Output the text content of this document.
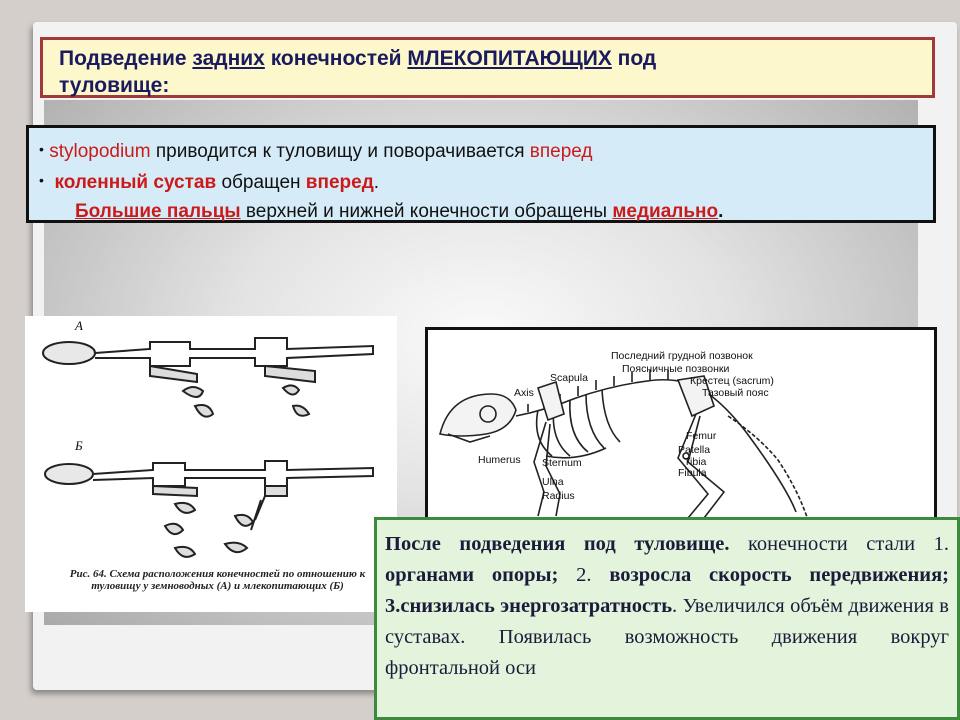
Подведение задних конечностей МЛЕКОПИТАЮЩИХ под
туловище:
• stylopodium приводится к туловищу и поворачивается вперед
• коленный сустав обращен вперед.
Большие пальцы верхней и нижней конечности обращены медиально.
А
Б
Рис. 64. Схема расположения конечностей по отношению к туловищу у земноводных (А) и млекопитающих (Б)
Последний грудной позвонок
Поясничные позвонки
Крестец (sacrum)
Тазовый пояс
Scapula
Axis
Humerus Sternum
Ulna
Radius
Femur
Patella
Tibia
Fibula
После подведения под туловище. конечности стали 1. органами опоры; 2. возросла скорость передвижения; 3.снизилась энергозатратность. Увеличился объём движения в суставах. Появилась возможность движения вокруг фронтальной оси
